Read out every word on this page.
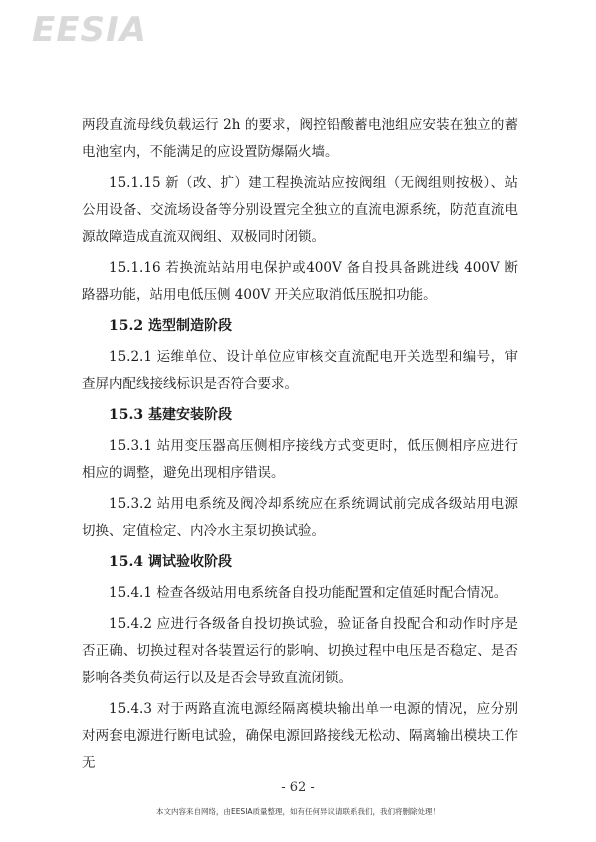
EESIA

两段直流母线负载运行 2h 的要求，阀控铅酸蓄电池组应安装在独立的蓄电池室内，不能满足的应设置防爆隔火墙。

15.1.15 新（改、扩）建工程换流站应按阀组（无阀组则按极）、站公用设备、交流场设备等分别设置完全独立的直流电源系统，防范直流电源故障造成直流双阀组、双极同时闭锁。

15.1.16 若换流站站用电保护或400V 备自投具备跳进线 400V 断路器功能，站用电低压侧 400V 开关应取消低压脱扣功能。

15.2 选型制造阶段

15.2.1 运维单位、设计单位应审核交直流配电开关选型和编号，审查屏内配线接线标识是否符合要求。

15.3 基建安装阶段

15.3.1 站用变压器高压侧相序接线方式变更时，低压侧相序应进行相应的调整，避免出现相序错误。

15.3.2 站用电系统及阀冷却系统应在系统调试前完成各级站用电源切换、定值检定、内冷水主泵切换试验。

15.4 调试验收阶段

15.4.1 检查各级站用电系统备自投功能配置和定值延时配合情况。

15.4.2 应进行各级备自投切换试验，验证备自投配合和动作时序是否正确、切换过程对各装置运行的影响、切换过程中电压是否稳定、是否影响各类负荷运行以及是否会导致直流闭锁。

15.4.3 对于两路直流电源经隔离模块输出单一电源的情况，应分别对两套电源进行断电试验，确保电源回路接线无松动、隔离输出模块工作无

- 62 -
本文内容来自网络，由EESIA质量整理，如有任何异议请联系我们，我们将删除处理！
